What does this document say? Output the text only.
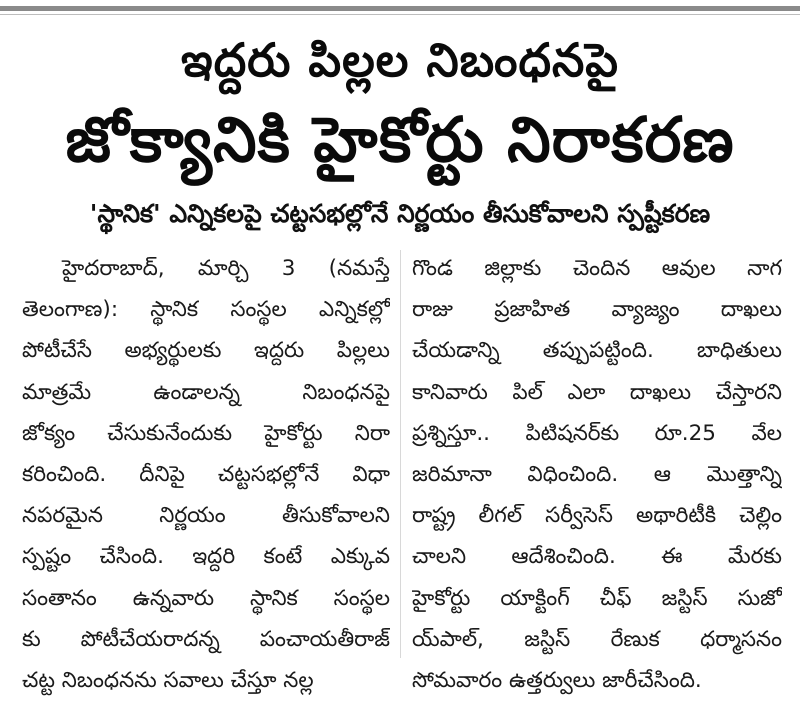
ఇద్దరు పిల్లల నిబంధనపై
జోక్యానికి హైకోర్టు నిరాకరణ
'స్థానిక' ఎన్నికలపై చట్టసభల్లోనే నిర్ణయం తీసుకోవాలని స్పష్టీకరణ
హైదరాబాద్, మార్చి 3 (నమస్తే
తెలంగాణ): స్థానిక సంస్థల ఎన్నికల్లో
పోటీచేసే అభ్యర్థులకు ఇద్దరు పిల్లలు
మాత్రమే ఉండాలన్న నిబంధనపై
జోక్యం చేసుకునేందుకు హైకోర్టు నిరా
కరించింది. దీనిపై చట్టసభల్లోనే విధా
నపరమైన నిర్ణయం తీసుకోవాలని
స్పష్టం చేసింది. ఇద్దరి కంటే ఎక్కువ
సంతానం ఉన్నవారు స్థానిక సంస్థల
కు పోటీచేయరాదన్న పంచాయతీరాజ్
చట్ట నిబంధనను సవాలు చేస్తూ నల్ల
గొండ జిల్లాకు చెందిన ఆవుల నాగ
రాజు ప్రజాహిత వ్యాజ్యం దాఖలు
చేయడాన్ని తప్పుపట్టింది. బాధితులు
కానివారు పిల్ ఎలా దాఖలు చేస్తారని
ప్రశ్నిస్తూ.. పిటిషనర్‌కు రూ.25 వేల
జరిమానా విధించింది. ఆ మొత్తాన్ని
రాష్ట్ర లీగల్ సర్వీసెస్ అథారిటీకి చెల్లిం
చాలని ఆదేశించింది. ఈ మేరకు
హైకోర్టు యాక్టింగ్ చీఫ్ జస్టిస్ సుజో
య్‌పాల్, జస్టిస్ రేణుక ధర్మాసనం
సోమవారం ఉత్తర్వులు జారీచేసింది.
